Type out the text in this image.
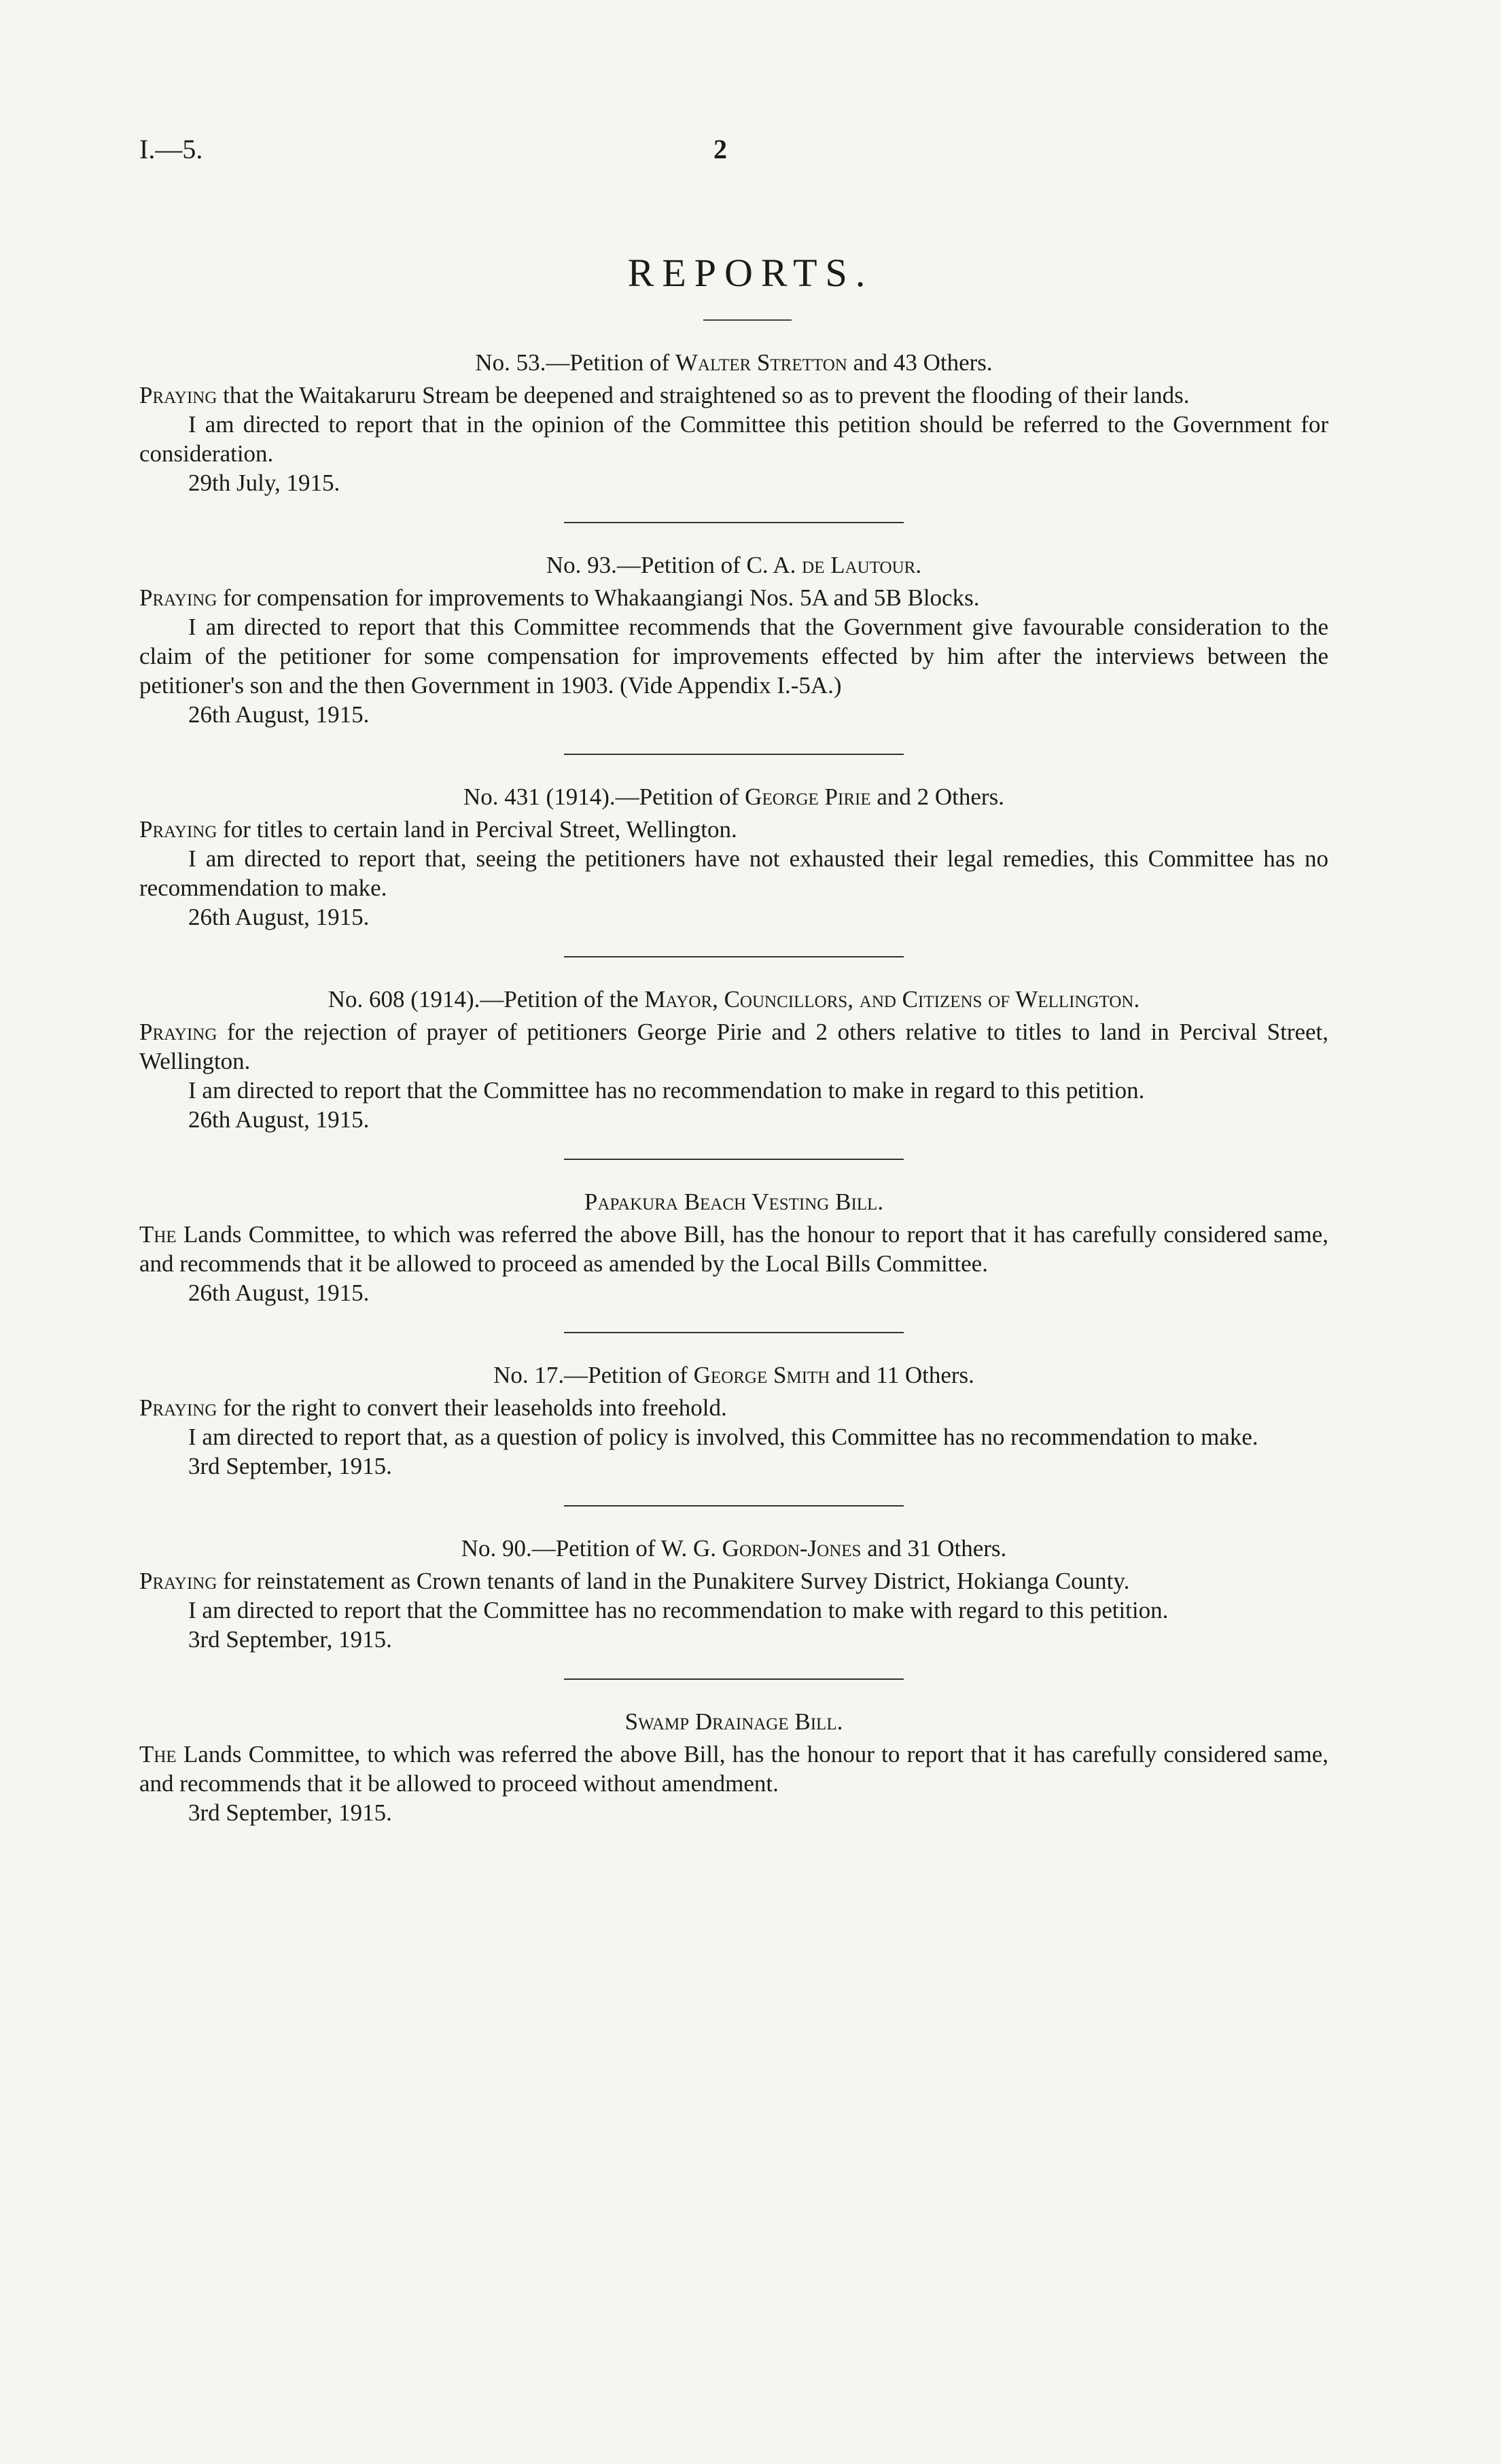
I.—5.	2
REPORTS.

No. 53.—Petition of Walter Stretton and 43 Others.

Praying that the Waitakaruru Stream be deepened and straightened so as to prevent the flooding of their lands.

I am directed to report that in the opinion of the Committee this petition should be referred to the Government for consideration.

29th July, 1915.

No. 93.—Petition of C. A. de Lautour.

Praying for compensation for improvements to Whakaangiangi Nos. 5A and 5B Blocks.

I am directed to report that this Committee recommends that the Government give favourable consideration to the claim of the petitioner for some compensation for improvements effected by him after the interviews between the petitioner's son and the then Government in 1903. (Vide Appendix I.-5A.)

26th August, 1915.

No. 431 (1914).—Petition of George Pirie and 2 Others.

Praying for titles to certain land in Percival Street, Wellington.

I am directed to report that, seeing the petitioners have not exhausted their legal remedies, this Committee has no recommendation to make.

26th August, 1915.

No. 608 (1914).—Petition of the Mayor, Councillors, and Citizens of Wellington.

Praying for the rejection of prayer of petitioners George Pirie and 2 others relative to titles to land in Percival Street, Wellington.

I am directed to report that the Committee has no recommendation to make in regard to this petition.

26th August, 1915.

Papakura Beach Vesting Bill.

The Lands Committee, to which was referred the above Bill, has the honour to report that it has carefully considered same, and recommends that it be allowed to proceed as amended by the Local Bills Committee.

26th August, 1915.

No. 17.—Petition of George Smith and 11 Others.

Praying for the right to convert their leaseholds into freehold.

I am directed to report that, as a question of policy is involved, this Committee has no recommendation to make.

3rd September, 1915.

No. 90.—Petition of W. G. Gordon-Jones and 31 Others.

Praying for reinstatement as Crown tenants of land in the Punakitere Survey District, Hokianga County.

I am directed to report that the Committee has no recommendation to make with regard to this petition.

3rd September, 1915.

Swamp Drainage Bill.

The Lands Committee, to which was referred the above Bill, has the honour to report that it has carefully considered same, and recommends that it be allowed to proceed without amendment.

3rd September, 1915.
